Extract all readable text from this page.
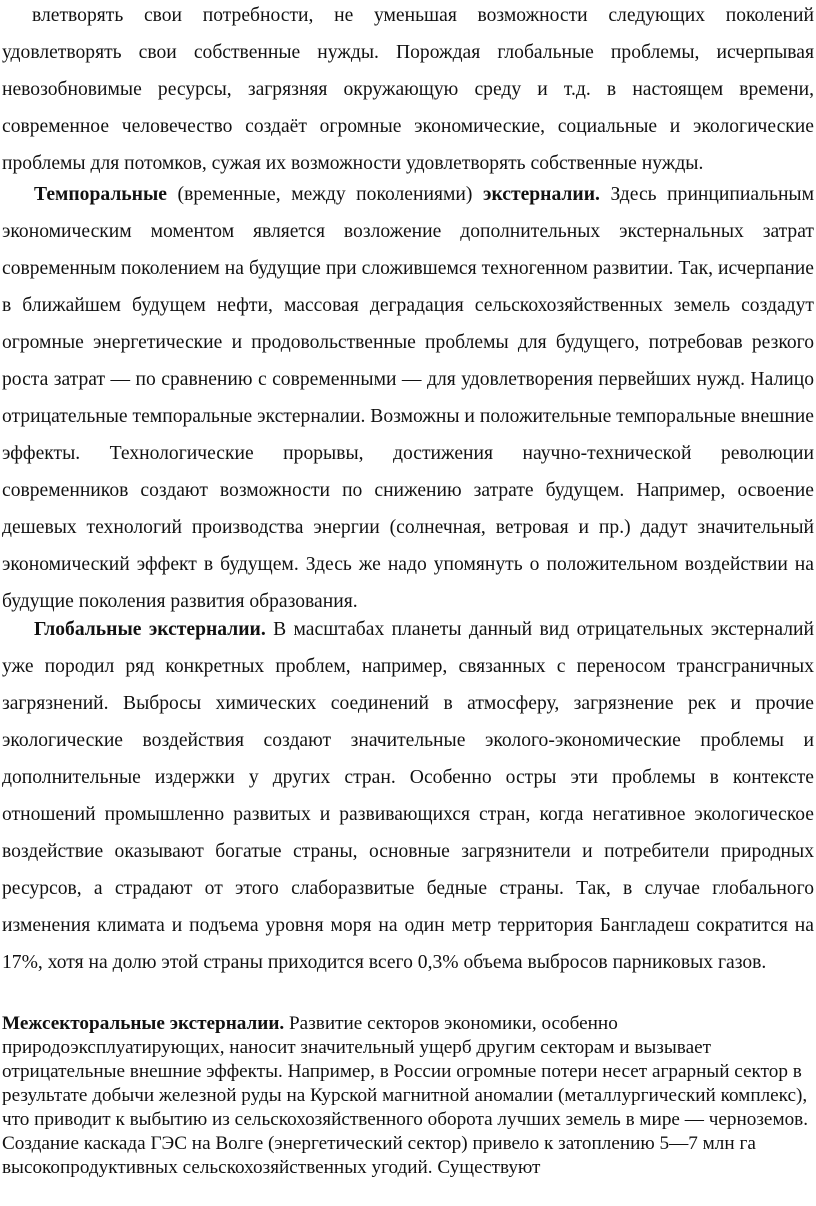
влетворять свои потребности, не уменьшая возможности следующих поколений удовлетворять свои собственные нужды. Порождая глобальные проблемы, исчерпывая невозобновимые ресурсы, загрязняя окружающую среду и т.д. в настоящем времени, современное человечество создаёт огромные экономические, социальные и экологические проблемы для потомков, сужая их возможности удовлетворять собственные нужды.

Темпоральные (временные, между поколениями) экстерналии. Здесь принципиальным экономическим моментом является возложение дополнительных экстернальных затрат современным поколением на будущие при сложившемся техногенном развитии. Так, исчерпание в ближайшем будущем нефти, массовая деградация сельскохозяйственных земель создадут огромные энергетические и продовольственные проблемы для будущего, потребовав резкого роста затрат — по сравнению с современными — для удовлетворения первейших нужд. Налицо отрицательные темпоральные экстерналии. Возможны и положительные темпоральные внешние эффекты. Технологические прорывы, достижения научно-технической революции современников создают возможности по снижению затрате будущем. Например, освоение дешевых технологий производства энергии (солнечная, ветровая и пр.) дадут значительный экономический эффект в будущем. Здесь же надо упомянуть о положительном воздействии на будущие поколения развития образования.

Глобальные экстерналии. В масштабах планеты данный вид отрицательных экстерналий уже породил ряд конкретных проблем, например, связанных с переносом трансграничных загрязнений. Выбросы химических соединений в атмосферу, загрязнение рек и прочие экологические воздействия создают значительные эколого-экономические проблемы и дополнительные издержки у других стран. Особенно остры эти проблемы в контексте отношений промышленно развитых и развивающихся стран, когда негативное экологическое воздействие оказывают богатые страны, основные загрязнители и потребители природных ресурсов, а страдают от этого слаборазвитые бедные страны. Так, в случае глобального изменения климата и подъема уровня моря на один метр территория Бангладеш сократится на 17%, хотя на долю этой страны приходится всего 0,3% объема выбросов парниковых газов.

Межсекторальные экстерналии. Развитие секторов экономики, особенно природоэксплуатирующих, наносит значительный ущерб другим секторам и вызывает отрицательные внешние эффекты. Например, в России огромные потери несет аграрный сектор в результате добычи железной руды на Курской магнитной аномалии (металлургический комплекс), что приводит к выбытию из сельскохозяйственного оборота лучших земель в мире — черноземов. Создание каскада ГЭС на Волге (энергетический сектор) привело к затоплению 5—7 млн га высокопродуктивных сельскохозяйственных угодий. Существуют
